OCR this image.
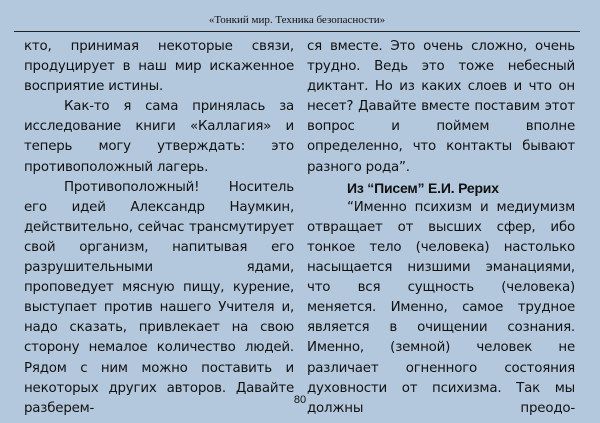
«Тонкий мир. Техника безопасности»

кто, принимая некоторые связи, продуцирует в наш мир искаженное восприятие истины.

Как-то я сама принялась за исследование книги «Каллагия» и теперь могу утверждать: это противоположный лагерь.

Противоположный! Носитель его идей Александр Наумкин, действительно, сейчас трансмутирует свой организм, напитывая его разрушительными ядами, проповедует мясную пищу, курение, выступает против нашего Учителя и, надо сказать, привлекает на свою сторону немалое количество людей. Рядом с ним можно поставить и некоторых других авторов. Давайте разберем-

ся вместе. Это очень сложно, очень трудно. Ведь это тоже небесный диктант. Но из каких слоев и что он несет? Давайте вместе поставим этот вопрос и поймем вполне определенно, что контакты бывают разного рода”.

Из “Писем” Е.И. Рерих

“Именно психизм и медиумизм отвращает от высших сфер, ибо тонкое тело (человека) настолько насыщается низшими эманациями, что вся сущность (человека) меняется. Именно, самое трудное является в очищении сознания. Именно, (земной) человек не различает огненного состояния духовности от психизма. Так мы должны преодо-

80
